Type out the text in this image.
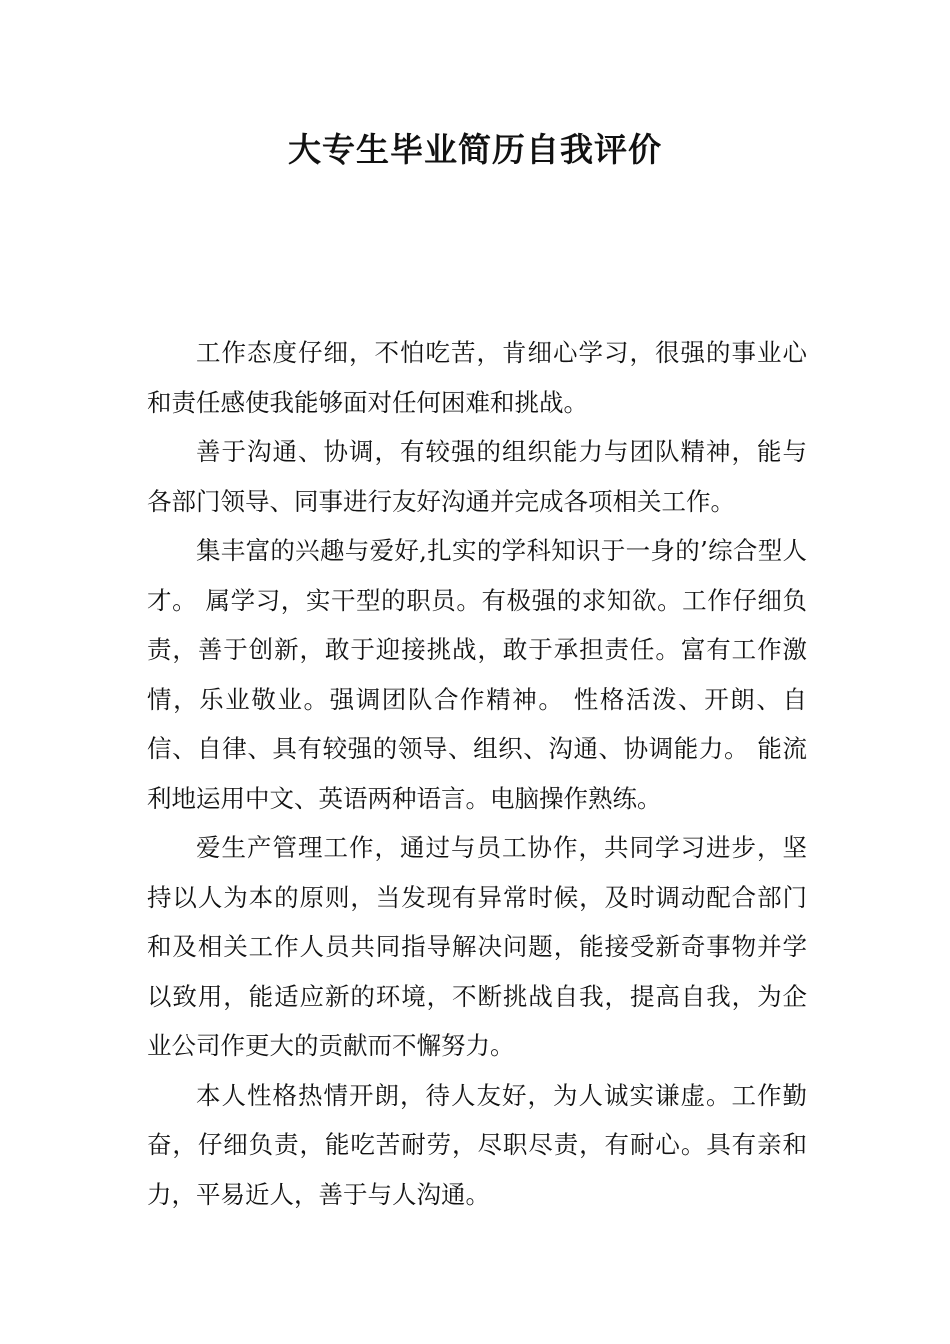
大专生毕业简历自我评价

工作态度仔细，不怕吃苦，肯细心学习，很强的事业心和责任感使我能够面对任何困难和挑战。

善于沟通、协调，有较强的组织能力与团队精神，能与各部门领导、同事进行友好沟通并完成各项相关工作。

集丰富的兴趣与爱好,扎实的学科知识于一身的’综合型人才。 属学习，实干型的职员。有极强的求知欲。工作仔细负责，善于创新，敢于迎接挑战，敢于承担责任。富有工作激情，乐业敬业。强调团队合作精神。 性格活泼、开朗、自信、自律、具有较强的领导、组织、沟通、协调能力。 能流利地运用中文、英语两种语言。电脑操作熟练。

爱生产管理工作，通过与员工协作，共同学习进步，坚持以人为本的原则，当发现有异常时候，及时调动配合部门和及相关工作人员共同指导解决问题，能接受新奇事物并学以致用，能适应新的环境，不断挑战自我，提高自我，为企业公司作更大的贡献而不懈努力。

本人性格热情开朗，待人友好，为人诚实谦虚。工作勤奋，仔细负责，能吃苦耐劳，尽职尽责，有耐心。具有亲和力，平易近人，善于与人沟通。
